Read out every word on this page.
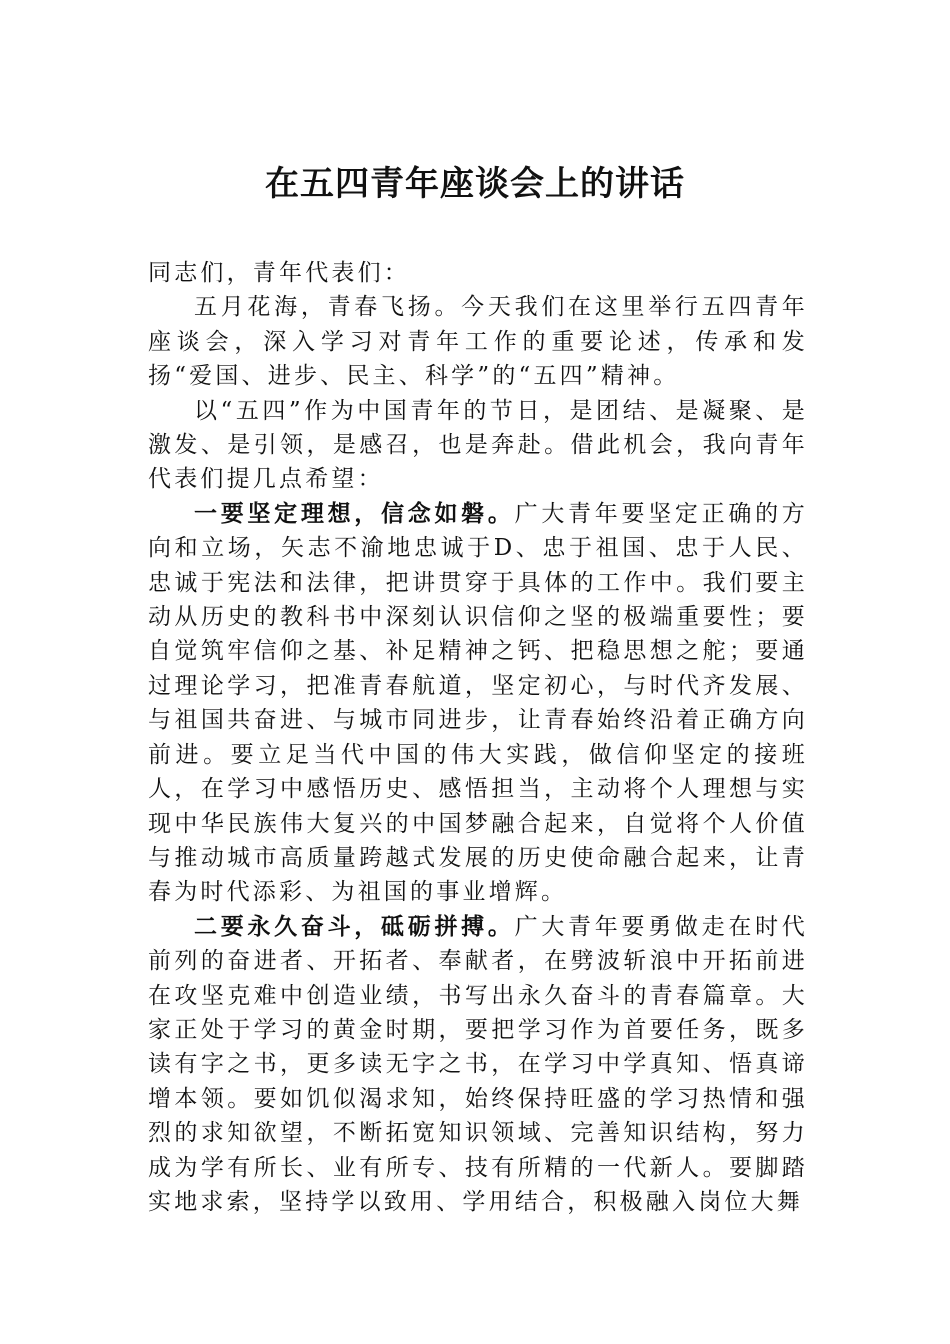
在五四青年座谈会上的讲话

同志们，青年代表们：

五月花海，青春飞扬。今天我们在这里举行五四青年座谈会，深入学习对青年工作的重要论述，传承和发扬“爱国、进步、民主、科学”的“五四”精神。

以“五四”作为中国青年的节日，是团结、是凝聚、是激发、是引领，是感召，也是奔赴。借此机会，我向青年代表们提几点希望：

一要坚定理想，信念如磐。广大青年要坚定正确的方向和立场，矢志不渝地忠诚于D、忠于祖国、忠于人民、忠诚于宪法和法律，把讲贯穿于具体的工作中。我们要主动从历史的教科书中深刻认识信仰之坚的极端重要性；要自觉筑牢信仰之基、补足精神之钙、把稳思想之舵；要通过理论学习，把准青春航道，坚定初心，与时代齐发展、与祖国共奋进、与城市同进步，让青春始终沿着正确方向前进。要立足当代中国的伟大实践，做信仰坚定的接班人，在学习中感悟历史、感悟担当，主动将个人理想与实现中华民族伟大复兴的中国梦融合起来，自觉将个人价值与推动城市高质量跨越式发展的历史使命融合起来，让青春为时代添彩、为祖国的事业增辉。

二要永久奋斗，砥砺拼搏。广大青年要勇做走在时代前列的奋进者、开拓者、奉献者，在劈波斩浪中开拓前进在攻坚克难中创造业绩，书写出永久奋斗的青春篇章。大家正处于学习的黄金时期，要把学习作为首要任务，既多读有字之书，更多读无字之书，在学习中学真知、悟真谛增本领。要如饥似渴求知，始终保持旺盛的学习热情和强烈的求知欲望，不断拓宽知识领域、完善知识结构，努力成为学有所长、业有所专、技有所精的一代新人。要脚踏实地求索，坚持学以致用、学用结合，积极融入岗位大舞
